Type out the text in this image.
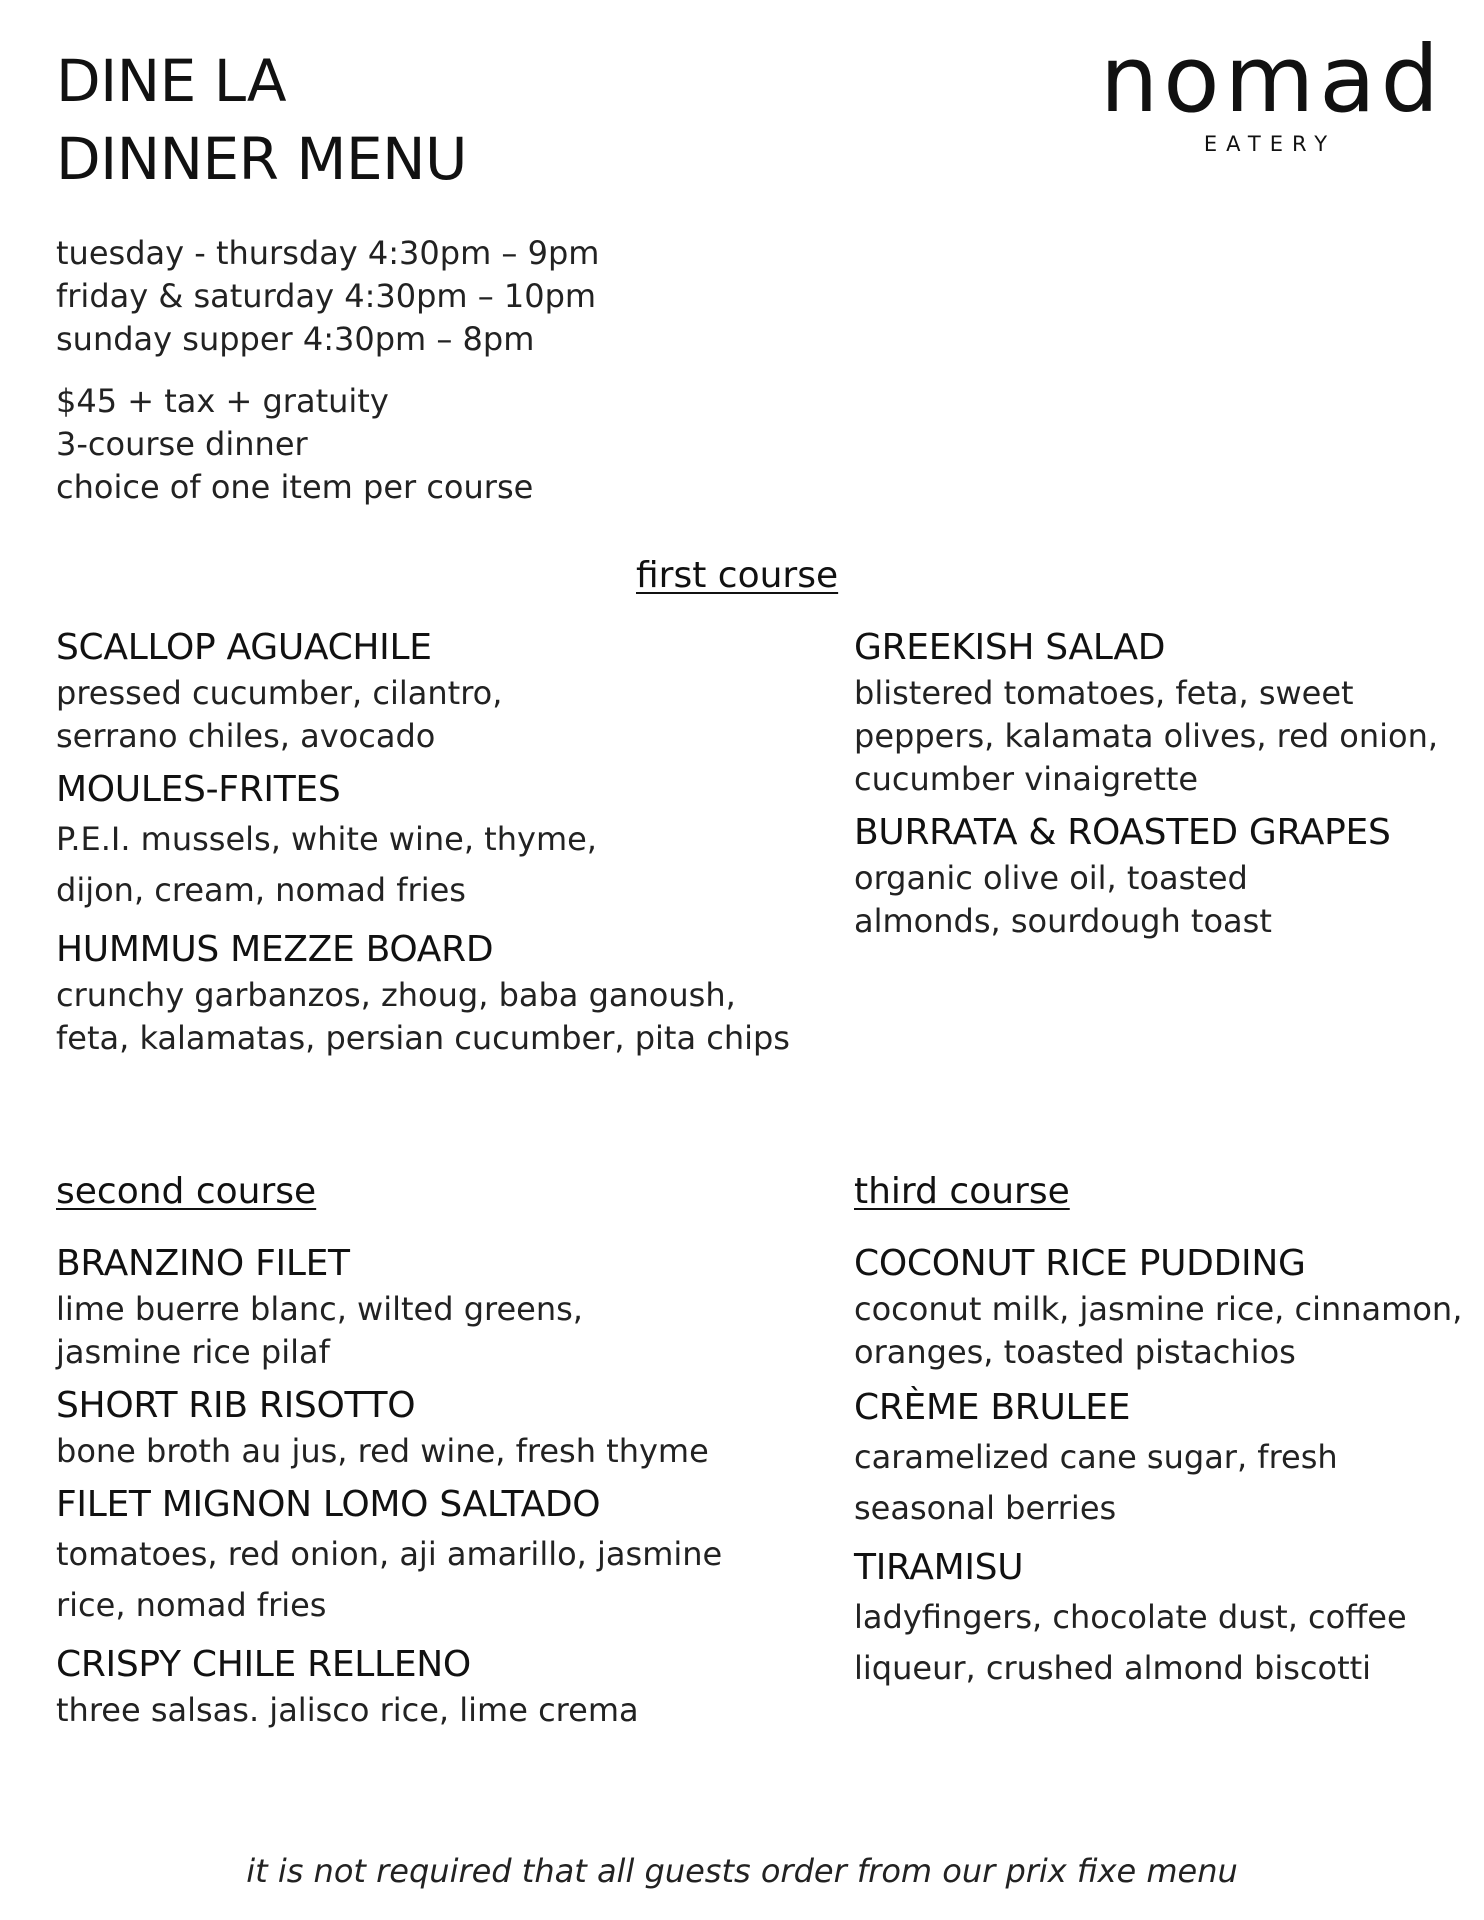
DINE LA
DINNER MENU
nomad
EATERY
tuesday - thursday 4:30pm – 9pm
friday & saturday 4:30pm – 10pm
sunday supper 4:30pm – 8pm
$45 + tax + gratuity
3-course dinner
choice of one item per course
first course
SCALLOP AGUACHILE
pressed cucumber, cilantro,
serrano chiles, avocado
MOULES-FRITES
P.E.I. mussels, white wine, thyme,
dijon, cream, nomad fries
HUMMUS MEZZE BOARD
crunchy garbanzos, zhoug, baba ganoush,
feta, kalamatas, persian cucumber, pita chips
GREEKISH SALAD
blistered tomatoes, feta, sweet
peppers, kalamata olives, red onion,
cucumber vinaigrette
BURRATA & ROASTED GRAPES
organic olive oil, toasted
almonds, sourdough toast
second course
BRANZINO FILET
lime buerre blanc, wilted greens,
jasmine rice pilaf
SHORT RIB RISOTTO
bone broth au jus, red wine, fresh thyme
FILET MIGNON LOMO SALTADO
tomatoes, red onion, aji amarillo, jasmine
rice, nomad fries
CRISPY CHILE RELLENO
three salsas. jalisco rice, lime crema
third course
COCONUT RICE PUDDING
coconut milk, jasmine rice, cinnamon,
oranges, toasted pistachios
CRÈME BRULEE
caramelized cane sugar, fresh
seasonal berries
TIRAMISU
ladyfingers, chocolate dust, coffee
liqueur, crushed almond biscotti
it is not required that all guests order from our prix fixe menu
